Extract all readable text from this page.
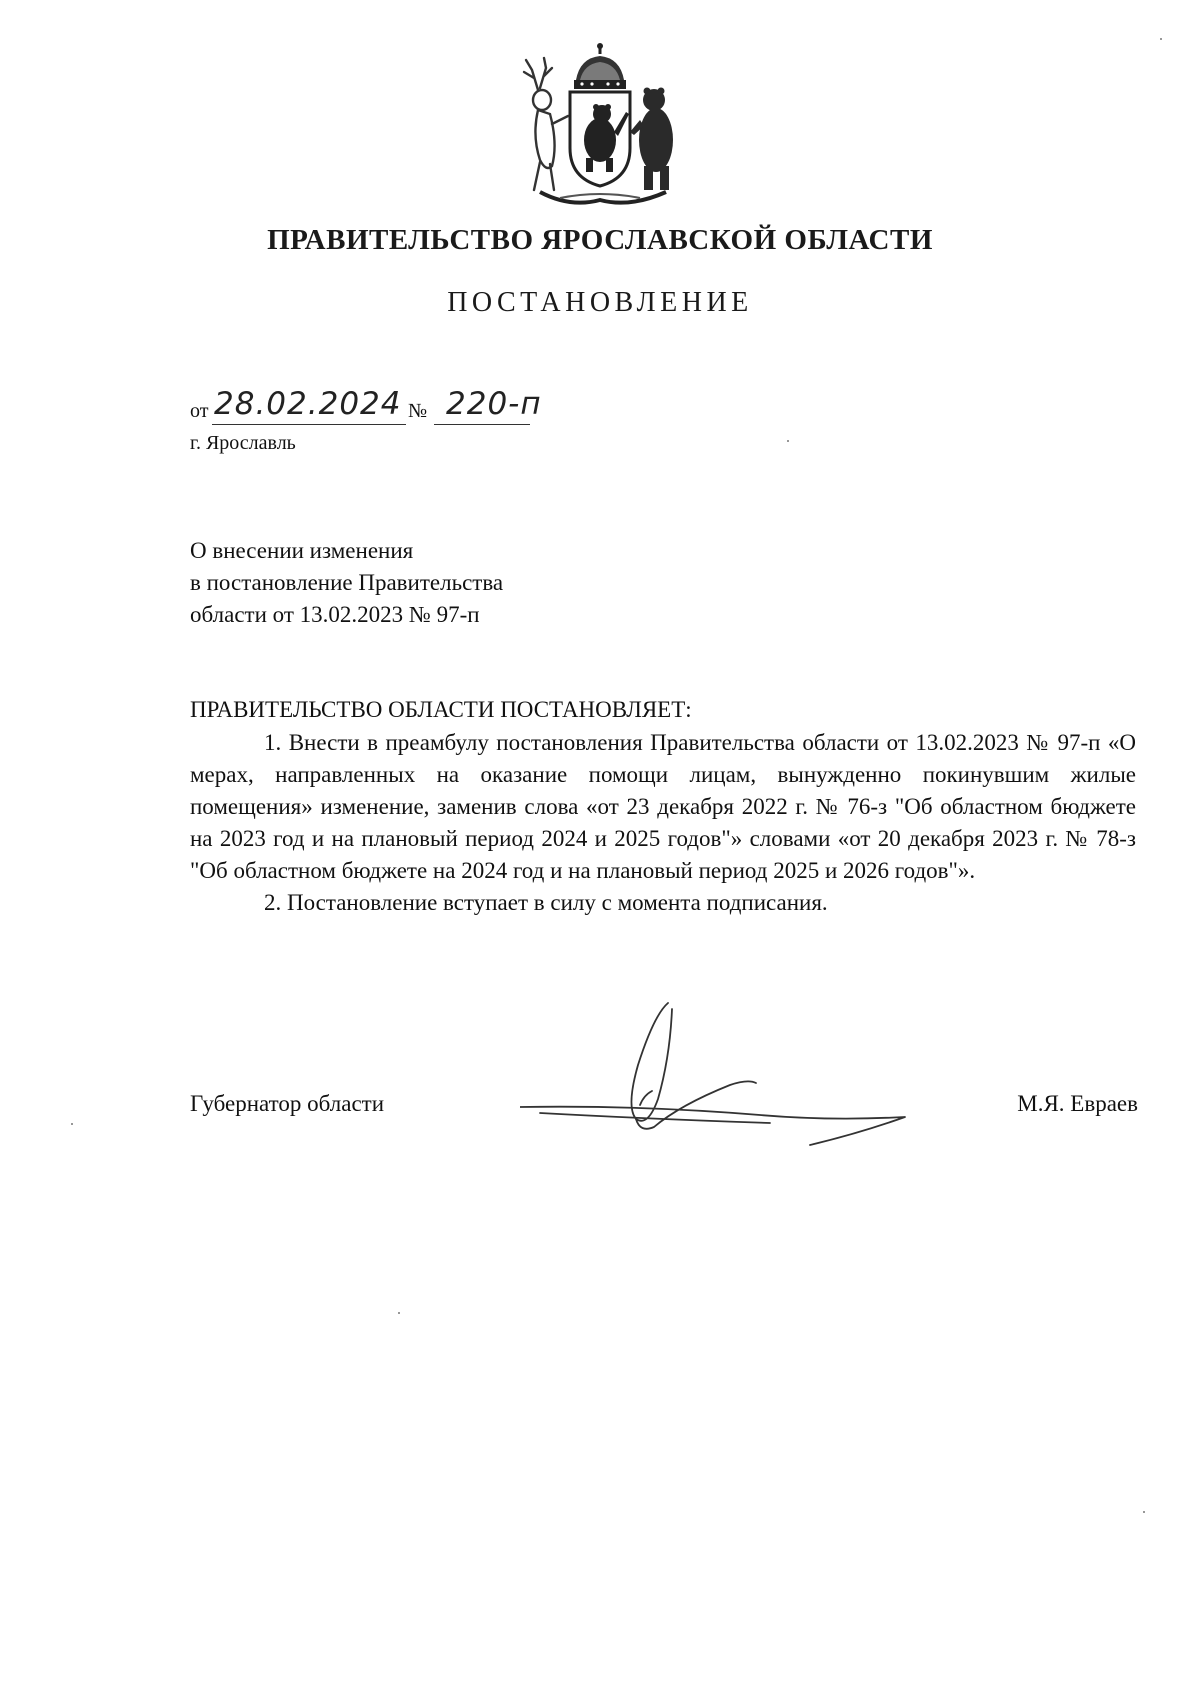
ПРАВИТЕЛЬСТВО ЯРОСЛАВСКОЙ ОБЛАСТИ
ПОСТАНОВЛЕНИЕ
от 28.02.2024 № 220-п
г. Ярославль
О внесении изменения
в постановление Правительства
области от 13.02.2023 № 97-п
ПРАВИТЕЛЬСТВО ОБЛАСТИ ПОСТАНОВЛЯЕТ:

1. Внести в преамбулу постановления Правительства области от 13.02.2023 № 97-п «О мерах, направленных на оказание помощи лицам, вынужденно покинувшим жилые помещения» изменение, заменив слова «от 23 декабря 2022 г. № 76-з "Об областном бюджете на 2023 год и на плановый период 2024 и 2025 годов"» словами «от 20 декабря 2023 г. № 78-з "Об областном бюджете на 2024 год и на плановый период 2025 и 2026 годов"».

2. Постановление вступает в силу с момента подписания.

Губернатор области	М.Я. Евраев
